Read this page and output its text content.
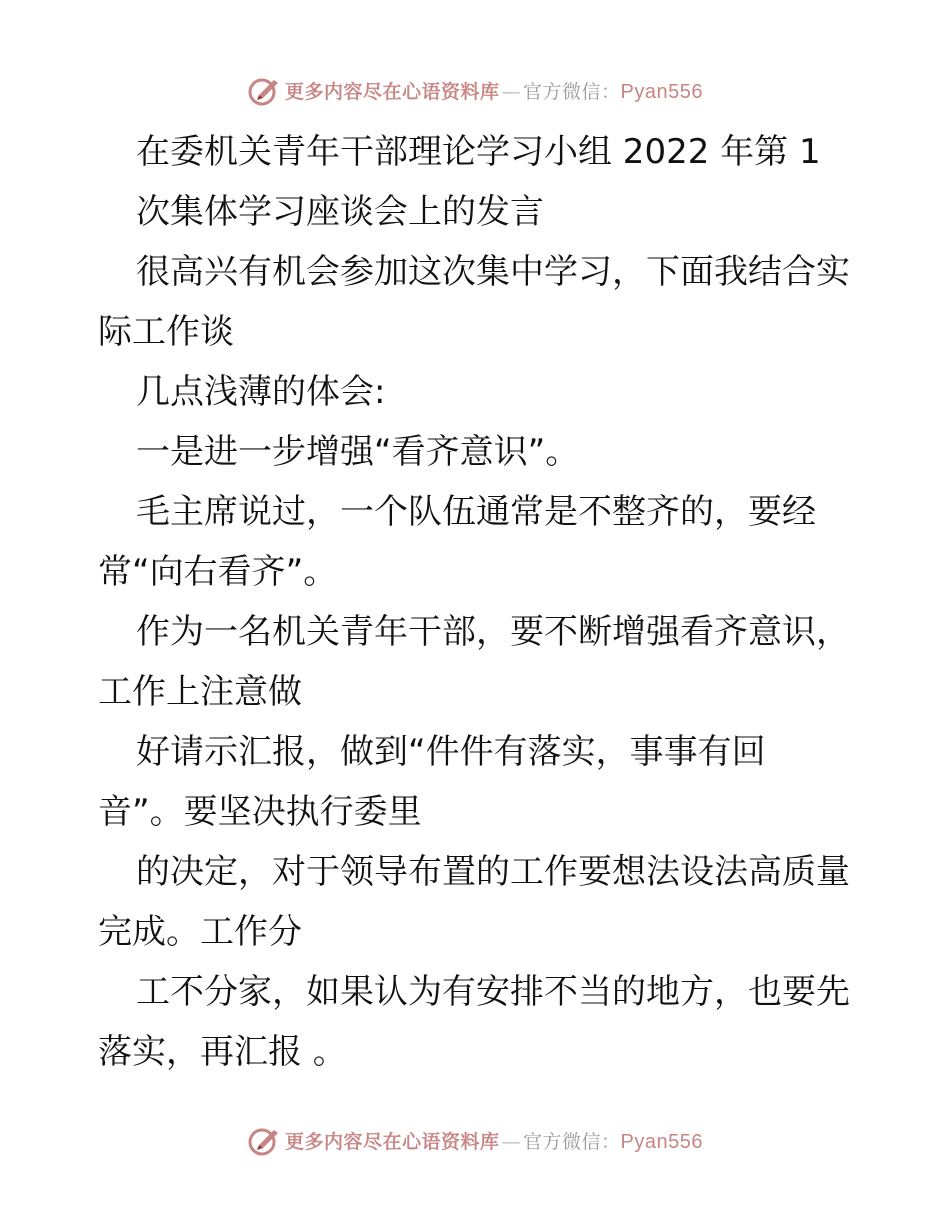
更多内容尽在心语资料库 — 官方微信：Pyan556
在委机关青年干部理论学习小组 2022 年第 1
次集体学习座谈会上的发言
很高兴有机会参加这次集中学习，下面我结合实
际工作谈
几点浅薄的体会:
一是进一步增强“看齐意识”。
毛主席说过，一个队伍通常是不整齐的，要经
常“向右看齐”。
作为一名机关青年干部，要不断增强看齐意识，
工作上注意做
好请示汇报，做到“件件有落实，事事有回
音”。要坚决执行委里
的决定，对于领导布置的工作要想法设法高质量
完成。工作分
工不分家，如果认为有安排不当的地方，也要先
落实，再汇报 。
更多内容尽在心语资料库 — 官方微信：Pyan556
